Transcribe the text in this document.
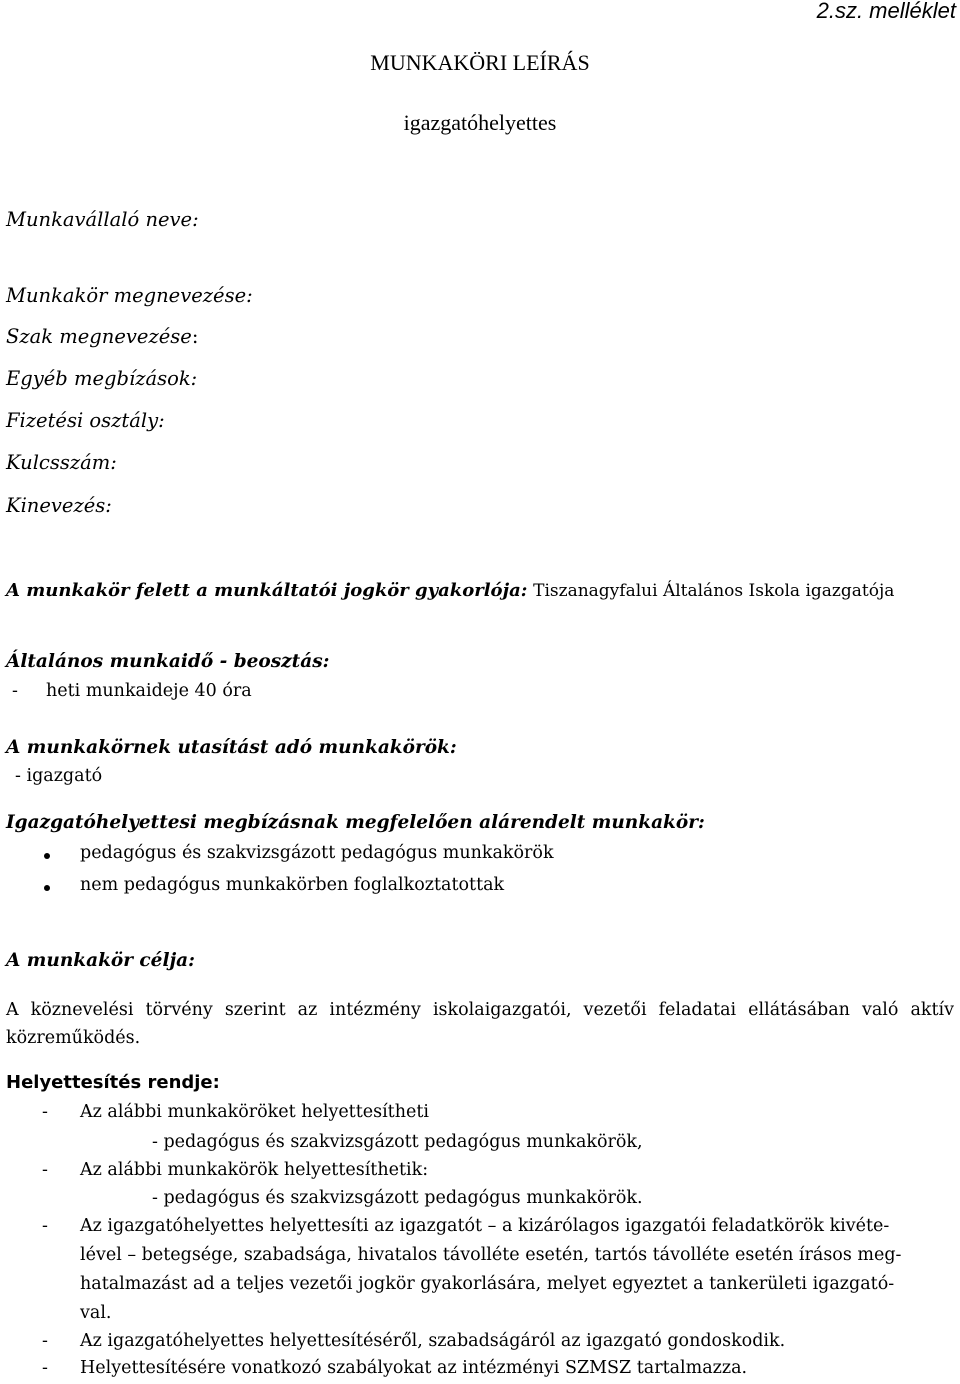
2.sz. melléklet
MUNKAKÖRI LEÍRÁS
igazgatóhelyettes
Munkavállaló neve:
Munkakör megnevezése:
Szak megnevezése:
Egyéb megbízások:
Fizetési osztály:
Kulcsszám:
Kinevezés:
A munkakör felett a munkáltatói jogkör gyakorlója: Tiszanagyfalui Általános Iskola igazgatója
Általános munkaidő - beosztás:
- heti munkaideje 40 óra
A munkakörnek utasítást adó munkakörök:
- igazgató
Igazgatóhelyettesi megbízásnak megfelelően alárendelt munkakör:
pedagógus és szakvizsgázott pedagógus munkakörök
nem pedagógus munkakörben foglalkoztatottak
A munkakör célja:
A köznevelési törvény szerint az intézmény iskolaigazgatói, vezetői feladatai ellátásában való aktív közreműködés.
Helyettesítés rendje:
- Az alábbi munkaköröket helyettesítheti
- pedagógus és szakvizsgázott pedagógus munkakörök,
- Az alábbi munkakörök helyettesíthetik:
- pedagógus és szakvizsgázott pedagógus munkakörök.
- Az igazgatóhelyettes helyettesíti az igazgatót – a kizárólagos igazgatói feladatkörök kivéte-
lével – betegsége, szabadsága, hivatalos távolléte esetén, tartós távolléte esetén írásos meg-
hatalmazást ad a teljes vezetői jogkör gyakorlására, melyet egyeztet a tankerületi igazgató-
val.
- Az igazgatóhelyettes helyettesítéséről, szabadságáról az igazgató gondoskodik.
- Helyettesítésére vonatkozó szabályokat az intézményi SZMSZ tartalmazza.
